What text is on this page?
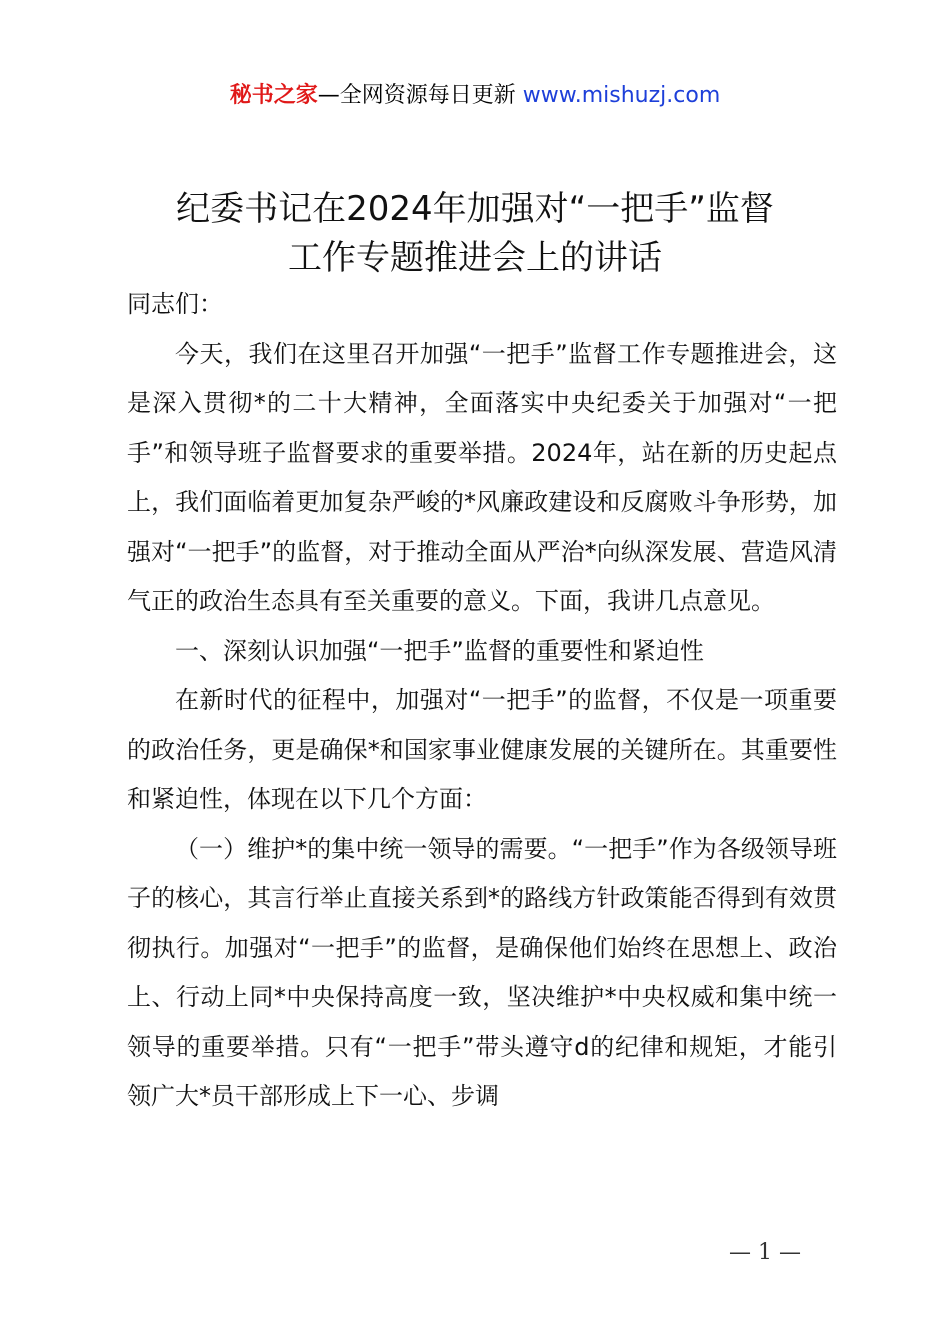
秘书之家—全网资源每日更新 www.mishuzj.com
纪委书记在2024年加强对“一把手”监督
工作专题推进会上的讲话

同志们：

今天，我们在这里召开加强“一把手”监督工作专题推进会，这是深入贯彻*的二十大精神，全面落实中央纪委关于加强对“一把手”和领导班子监督要求的重要举措。2024年，站在新的历史起点上，我们面临着更加复杂严峻的*风廉政建设和反腐败斗争形势，加强对“一把手”的监督，对于推动全面从严治*向纵深发展、营造风清气正的政治生态具有至关重要的意义。下面，我讲几点意见。

一、深刻认识加强“一把手”监督的重要性和紧迫性

在新时代的征程中，加强对“一把手”的监督，不仅是一项重要的政治任务，更是确保*和国家事业健康发展的关键所在。其重要性和紧迫性，体现在以下几个方面：

（一）维护*的集中统一领导的需要。“一把手”作为各级领导班子的核心，其言行举止直接关系到*的路线方针政策能否得到有效贯彻执行。加强对“一把手”的监督，是确保他们始终在思想上、政治上、行动上同*中央保持高度一致，坚决维护*中央权威和集中统一领导的重要举措。只有“一把手”带头遵守d的纪律和规矩，才能引领广大*员干部形成上下一心、步调

— 1 —
